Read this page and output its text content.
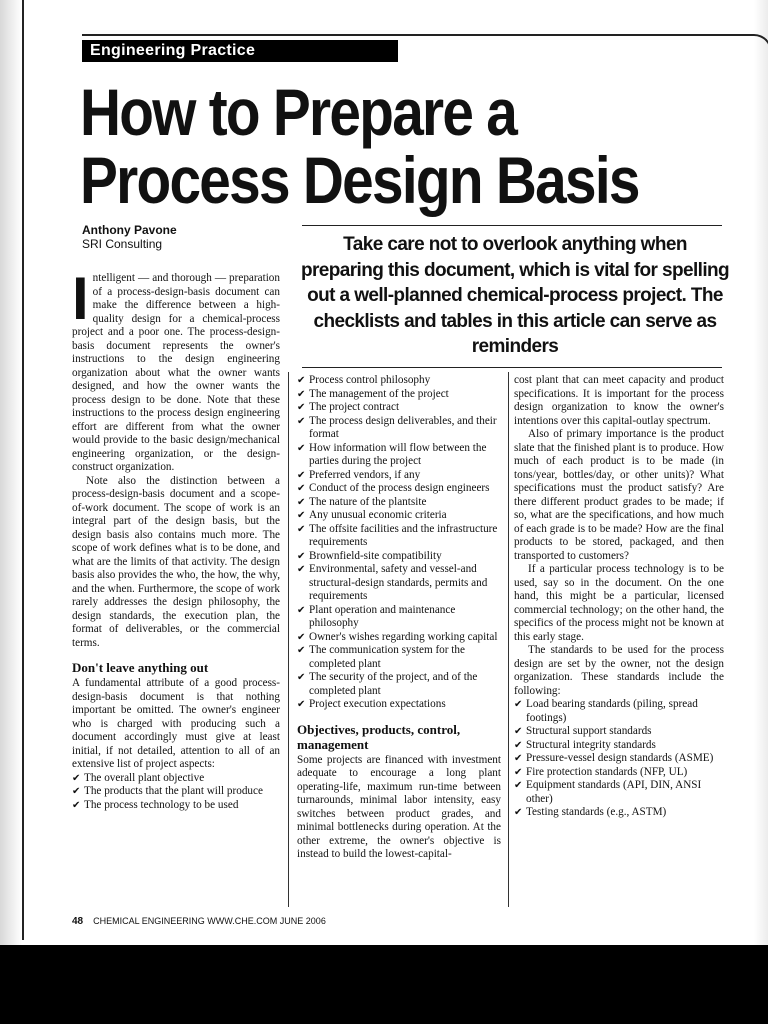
Engineering Practice
How to Prepare a
Process Design Basis
Anthony Pavone
SRI Consulting	Take care not to overlook anything when preparing this document, which is vital for spelling out a well-planned chemical-process project. The checklists and tables in this article can serve as reminders

Intelligent — and thorough — preparation of a process-design-basis document can make the difference between a high-quality design for a chemical-process project and a poor one. The process-design-basis document represents the owner's instructions to the design engineering organization about what the owner wants designed, and how the owner wants the process design to be done. Note that these instructions to the process design engineering effort are different from what the owner would provide to the basic design/mechanical engineering organization, or the design-construct organization.

Note also the distinction between a process-design-basis document and a scope-of-work document. The scope of work is an integral part of the design basis, but the design basis also contains much more. The scope of work defines what is to be done, and what are the limits of that activity. The design basis also provides the who, the how, the why, and the when. Furthermore, the scope of work rarely addresses the design philosophy, the design standards, the execution plan, the format of deliverables, or the commercial terms.

Don't leave anything out

A fundamental attribute of a good process-design-basis document is that nothing important be omitted. The owner's engineer who is charged with producing such a document accordingly must give at least initial, if not detailed, attention to all of an extensive list of project aspects:

✔ The overall plant objective

✔ The products that the plant will produce

✔ The process technology to be used

✔ Process control philosophy

✔ The management of the project

✔ The project contract

✔ The process design deliverables, and their format

✔ How information will flow between the parties during the project

✔ Preferred vendors, if any

✔ Conduct of the process design engineers

✔ The nature of the plantsite

✔ Any unusual economic criteria

✔ The offsite facilities and the infrastructure requirements

✔ Brownfield-site compatibility

✔ Environmental, safety and vessel-and structural-design standards, permits and requirements

✔ Plant operation and maintenance philosophy

✔ Owner's wishes regarding working capital

✔ The communication system for the completed plant

✔ The security of the project, and of the completed plant

✔ Project execution expectations

Objectives, products, control, management

Some projects are financed with investment adequate to encourage a long plant operating-life, maximum run-time between turnarounds, minimal labor intensity, easy switches between product grades, and minimal bottlenecks during operation. At the other extreme, the owner's objective is instead to build the lowest-capital-

cost plant that can meet capacity and product specifications. It is important for the process design organization to know the owner's intentions over this capital-outlay spectrum.

Also of primary importance is the product slate that the finished plant is to produce. How much of each product is to be made (in tons/year, bottles/day, or other units)? What specifications must the product satisfy? Are there different product grades to be made; if so, what are the specifications, and how much of each grade is to be made? How are the final products to be stored, packaged, and then transported to customers?

If a particular process technology is to be used, say so in the document. On the one hand, this might be a particular, licensed commercial technology; on the other hand, the specifics of the process might not be known at this early stage.

The standards to be used for the process design are set by the owner, not the design organization. These standards include the following:

✔ Load bearing standards (piling, spread footings)

✔ Structural support standards

✔ Structural integrity standards

✔ Pressure-vessel design standards (ASME)

✔ Fire protection standards (NFP, UL)

✔ Equipment standards (API, DIN, ANSI other)

✔ Testing standards (e.g., ASTM)

48 CHEMICAL ENGINEERING WWW.CHE.COM JUNE 2006
